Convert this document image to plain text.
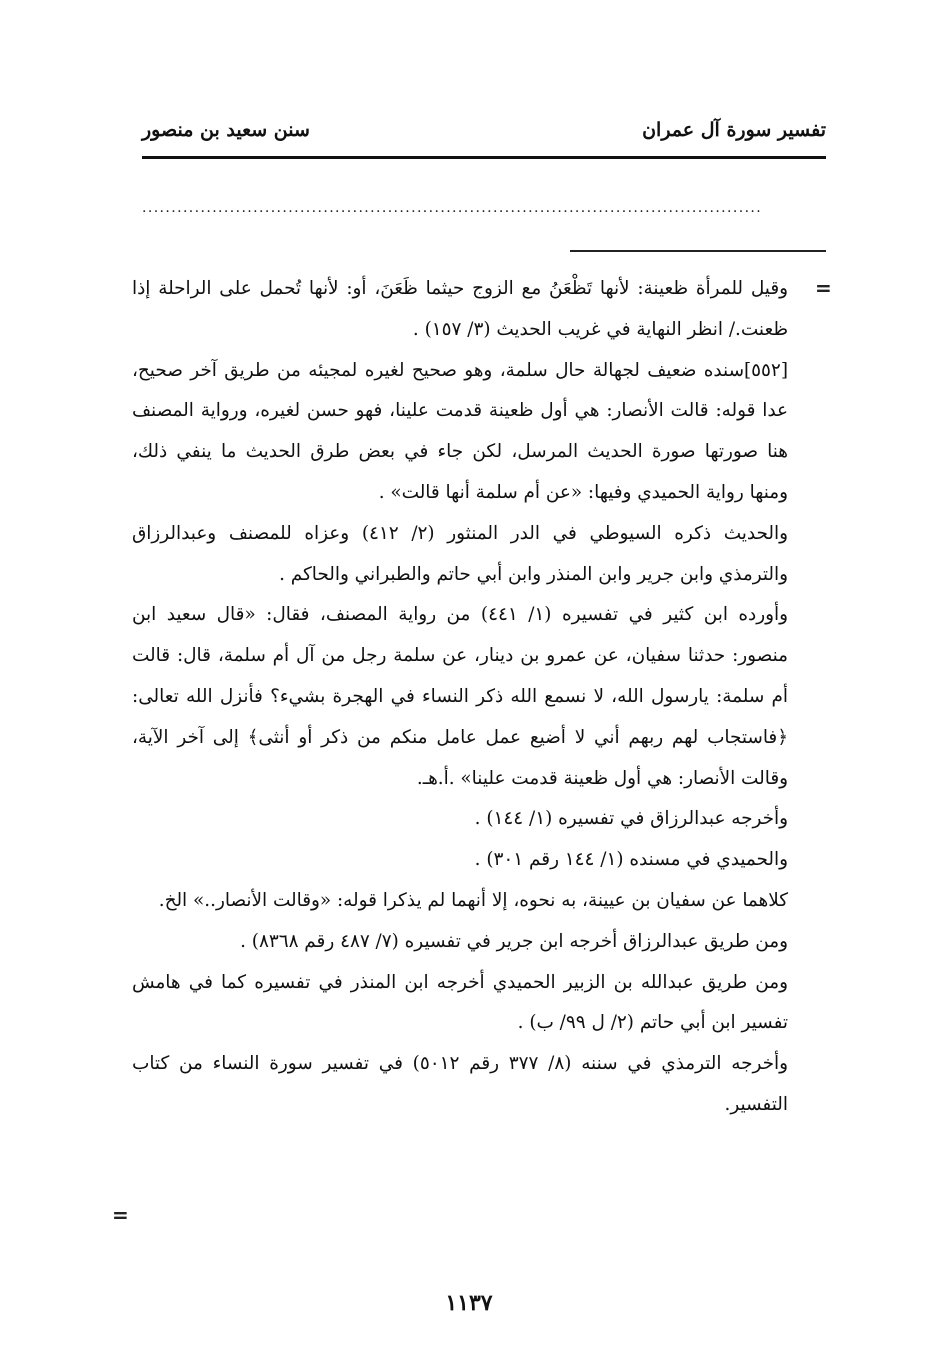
تفسير سورة آل عمران
سنن سعيد بن منصور
..........................................................................................................
=

وقيل للمرأة ظعينة: لأنها تَظْعَنُ مع الزوج حيثما ظَعَنَ، أو: لأنها تُحمل على الراحلة إذا ظعنت./ انظر النهاية في غريب الحديث (٣/ ١٥٧) .

[٥٥٢]سنده ضعيف لجهالة حال سلمة، وهو صحيح لغيره لمجيئه من طريق آخر صحيح، عدا قوله: قالت الأنصار: هي أول ظعينة قدمت علينا، فهو حسن لغيره، ورواية المصنف هنا صورتها صورة الحديث المرسل، لكن جاء في بعض طرق الحديث ما ينفي ذلك، ومنها رواية الحميدي وفيها: «عن أم سلمة أنها قالت» .

والحديث ذكره السيوطي في الدر المنثور (٢/ ٤١٢) وعزاه للمصنف وعبدالرزاق والترمذي وابن جرير وابن المنذر وابن أبي حاتم والطبراني والحاكم .

وأورده ابن كثير في تفسيره (١/ ٤٤١) من رواية المصنف، فقال: «قال سعيد ابن منصور: حدثنا سفيان، عن عمرو بن دينار، عن سلمة رجل من آل أم سلمة، قال: قالت أم سلمة: يارسول الله، لا نسمع الله ذكر النساء في الهجرة بشيء؟ فأنزل الله تعالى: ﴿فاستجاب لهم ربهم أني لا أضيع عمل عامل منكم من ذكر أو أنثى﴾ إلى آخر الآية، وقالت الأنصار: هي أول ظعينة قدمت علينا» .أ.هـ.

وأخرجه عبدالرزاق في تفسيره (١/ ١٤٤) .

والحميدي في مسنده (١/ ١٤٤ رقم ٣٠١) .

كلاهما عن سفيان بن عيينة، به نحوه، إلا أنهما لم يذكرا قوله: «وقالت الأنصار..» الخ.

ومن طريق عبدالرزاق أخرجه ابن جرير في تفسيره (٧/ ٤٨٧ رقم ٨٣٦٨) .

ومن طريق عبدالله بن الزبير الحميدي أخرجه ابن المنذر في تفسيره كما في هامش تفسير ابن أبي حاتم (٢/ ل ٩٩/ ب) .

وأخرجه الترمذي في سننه (٨/ ٣٧٧ رقم ٥٠١٢) في تفسير سورة النساء من كتاب التفسير.

=
١١٣٧
